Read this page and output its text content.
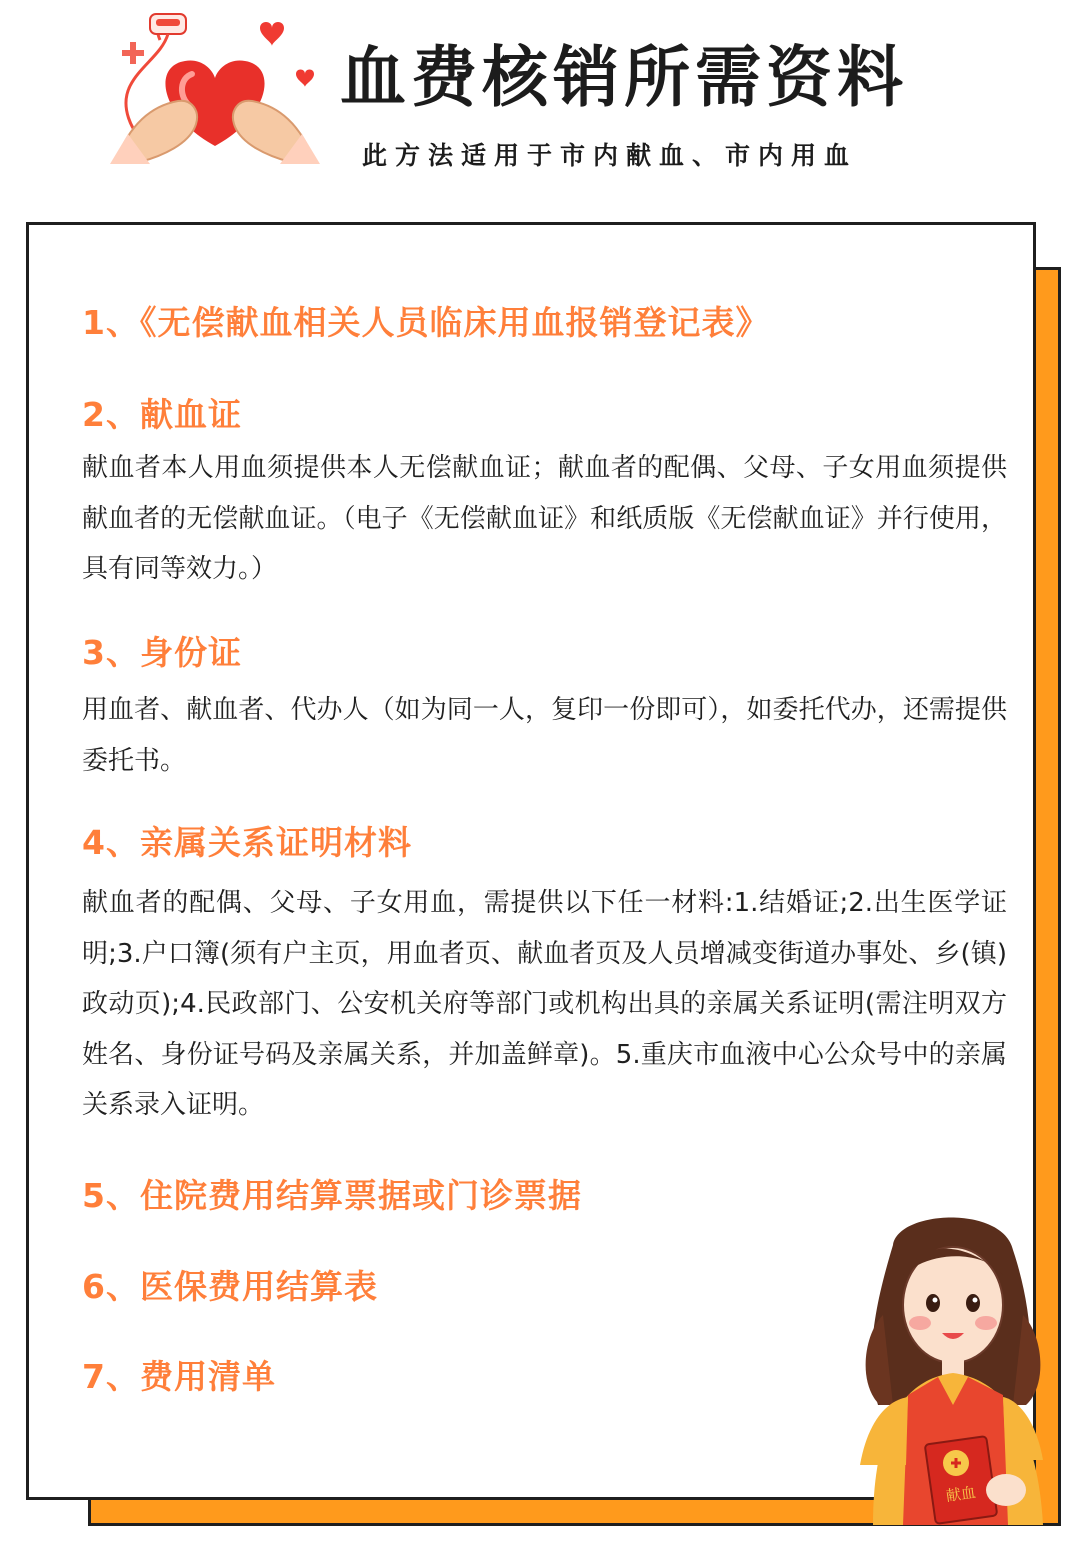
血费核销所需资料
此方法适用于市内献血、市内用血
1、《无偿献血相关人员临床用血报销登记表》
2、献血证
献血者本人用血须提供本人无偿献血证；献血者的配偶、父母、子女用血须提供献血者的无偿献血证。（电子《无偿献血证》和纸质版《无偿献血证》并行使用，具有同等效力。）
3、身份证
用血者、献血者、代办人（如为同一人，复印一份即可），如委托代办，还需提供委托书。
4、亲属关系证明材料
献血者的配偶、父母、子女用血，需提供以下任一材料:1.结婚证;2.出生医学证明;3.户口簿(须有户主页，用血者页、献血者页及人员增减变街道办事处、乡(镇)政动页);4.民政部门、公安机关府等部门或机构出具的亲属关系证明(需注明双方姓名、身份证号码及亲属关系，并加盖鲜章)。5.重庆市血液中心公众号中的亲属关系录入证明。
5、住院费用结算票据或门诊票据
6、医保费用结算表
7、费用清单
献血
